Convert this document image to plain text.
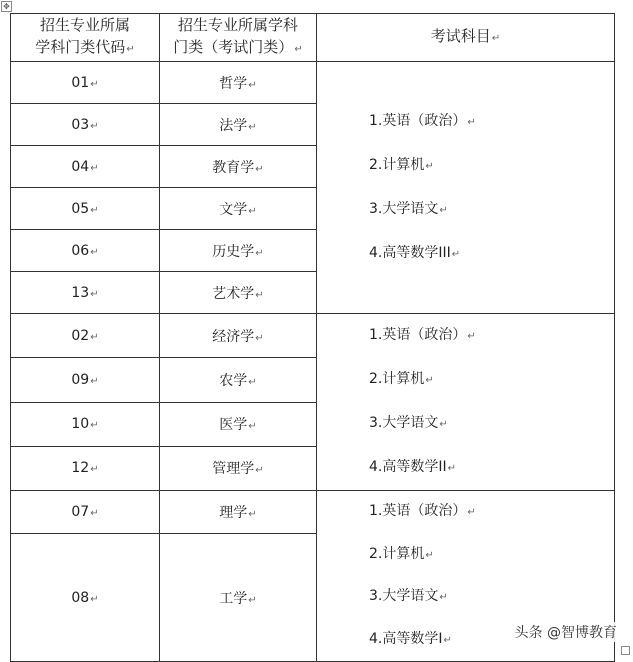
✥
招生专业所属
学科门类代码↵	招生专业所属学科
门类（考试门类）↵	考试科目↵
01↵	哲学↵	1.英语（政治）↵
2.计算机↵
3.大学语文↵
4.高等数学III↵

03↵	法学↵	
04↵	教育学↵	
05↵	文学↵	
06↵	历史学↵	
13↵	艺术学↵	
02↵	经济学↵	1.英语（政治）↵
2.计算机↵
3.大学语文↵
4.高等数学II↵

09↵	农学↵	
10↵	医学↵	
12↵	管理学↵	
07↵	理学↵	1.英语（政治）↵
2.计算机↵
3.大学语文↵
4.高等数学I↵

08↵	工学↵	
头条 @智博教育
